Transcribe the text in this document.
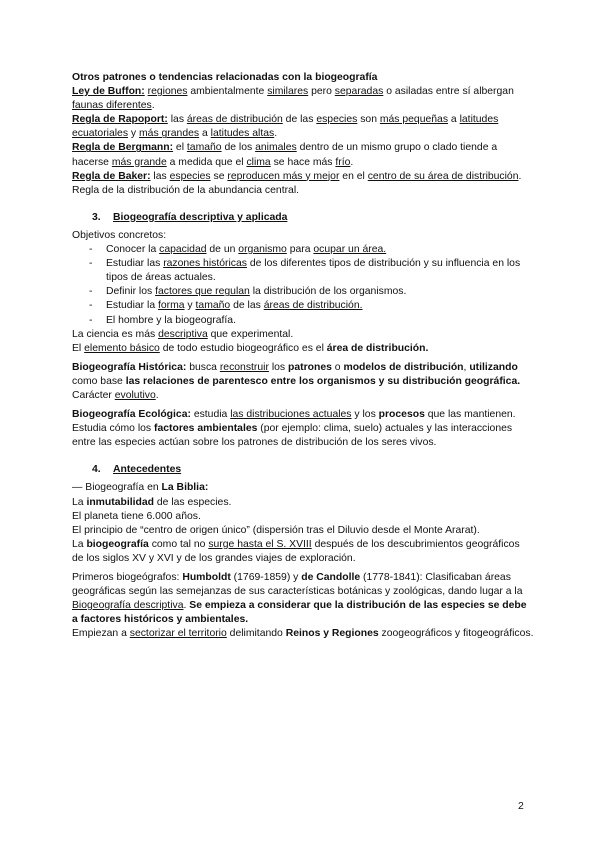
Otros patrones o tendencias relacionadas con la biogeografía

Ley de Buffon: regiones ambientalmente similares pero separadas o asiladas entre sí albergan faunas diferentes.

Regla de Rapoport: las áreas de distribución de las especies son más pequeñas a latitudes ecuatoriales y más grandes a latitudes altas.

Regla de Bergmann: el tamaño de los animales dentro de un mismo grupo o clado tiende a hacerse más grande a medida que el clima se hace más frío.

Regla de Baker: las especies se reproducen más y mejor en el centro de su área de distribución. Regla de la distribución de la abundancia central.

3.	Biogeografía descriptiva y aplicada

Objetivos concretos:

- Conocer la capacidad de un organismo para ocupar un área.
- Estudiar las razones históricas de los diferentes tipos de distribución y su influencia en los tipos de áreas actuales.
- Definir los factores que regulan la distribución de los organismos.
- Estudiar la forma y tamaño de las áreas de distribución.
- El hombre y la biogeografía.

La ciencia es más descriptiva que experimental.

El elemento básico de todo estudio biogeográfico es el área de distribución.

Biogeografía Histórica: busca reconstruir los patrones o modelos de distribución, utilizando como base las relaciones de parentesco entre los organismos y su distribución geográfica. Carácter evolutivo.

Biogeografía Ecológica: estudia las distribuciones actuales y los procesos que las mantienen. Estudia cómo los factores ambientales (por ejemplo: clima, suelo) actuales y las interacciones entre las especies actúan sobre los patrones de distribución de los seres vivos.

4.	Antecedentes

— Biogeografía en La Biblia:

La inmutabilidad de las especies.

El planeta tiene 6.000 años.

El principio de “centro de origen único” (dispersión tras el Diluvio desde el Monte Ararat).

La biogeografía como tal no surge hasta el S. XVIII después de los descubrimientos geográficos de los siglos XV y XVI y de los grandes viajes de exploración.

Primeros biogeógrafos: Humboldt (1769-1859) y de Candolle (1778-1841): Clasificaban áreas geográficas según las semejanzas de sus características botánicas y zoológicas, dando lugar a la Biogeografía descriptiva. Se empieza a considerar que la distribución de las especies se debe a factores históricos y ambientales.

Empiezan a sectorizar el territorio delimitando Reinos y Regiones zoogeográficos y fitogeográficos.

2
